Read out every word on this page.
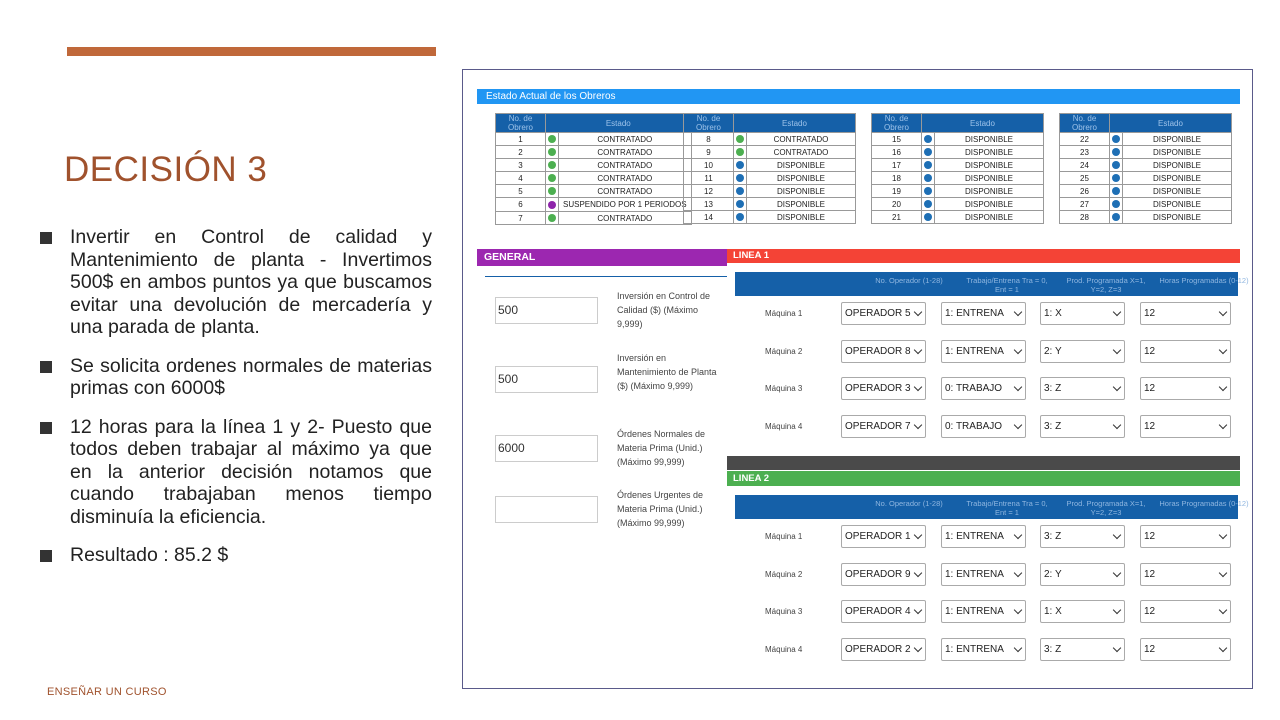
DECISIÓN 3
Invertir en Control de calidad y Mantenimiento de planta - Invertimos 500$ en ambos puntos ya que buscamos evitar una devolución de mercadería y una parada de planta.
Se solicita ordenes normales de materias primas con 6000$
12 horas para la línea 1 y 2- Puesto que todos deben trabajar al máximo ya que en la anterior decisión notamos que cuando trabajaban menos tiempo disminuía la eficiencia.
Resultado : 85.2 $
ENSEÑAR UN CURSO
Estado Actual de los Obreros
No. de Obrero	Estado	
1		CONTRATADO
2		CONTRATADO
3		CONTRATADO
4		CONTRATADO
5		CONTRATADO
6		SUSPENDIDO POR 1 PERIODOS
7		CONTRATADO
No. de Obrero	Estado	
8		CONTRATADO
9		CONTRATADO
10		DISPONIBLE
11		DISPONIBLE
12		DISPONIBLE
13		DISPONIBLE
14		DISPONIBLE
No. de Obrero	Estado	
15		DISPONIBLE
16		DISPONIBLE
17		DISPONIBLE
18		DISPONIBLE
19		DISPONIBLE
20		DISPONIBLE
21		DISPONIBLE
No. de Obrero	Estado	
22		DISPONIBLE
23		DISPONIBLE
24		DISPONIBLE
25		DISPONIBLE
26		DISPONIBLE
27		DISPONIBLE
28		DISPONIBLE
GENERAL
500
Inversión en Control de Calidad ($) (Máximo 9,999)
500
Inversión en Mantenimiento de Planta ($) (Máximo 9,999)
6000
Órdenes Normales de Materia Prima (Unid.) (Máximo 99,999)
Órdenes Urgentes de Materia Prima (Unid.) (Máximo 99,999)
LINEA 1
LINEA 2
No. Operador (1-28)	Trabajo/Entrena Tra = 0, Ent = 1
Prod. Programada X=1, Y=2, Z=3
Horas Programadas (0-12)
Máquina 1	OPERADOR 5	1: ENTRENA	1: X	12
Máquina 2	OPERADOR 8	1: ENTRENA	2: Y	12
Máquina 3	OPERADOR 3	0: TRABAJO	3: Z	12
Máquina 4	OPERADOR 7	0: TRABAJO	3: Z	12
No. Operador (1-28)	Trabajo/Entrena Tra = 0, Ent = 1
Prod. Programada X=1, Y=2, Z=3
Horas Programadas (0-12)
Máquina 1	OPERADOR 1	1: ENTRENA	3: Z	12
Máquina 2	OPERADOR 9	1: ENTRENA	2: Y	12
Máquina 3	OPERADOR 4	1: ENTRENA	1: X	12
Máquina 4	OPERADOR 2	1: ENTRENA	3: Z	12
